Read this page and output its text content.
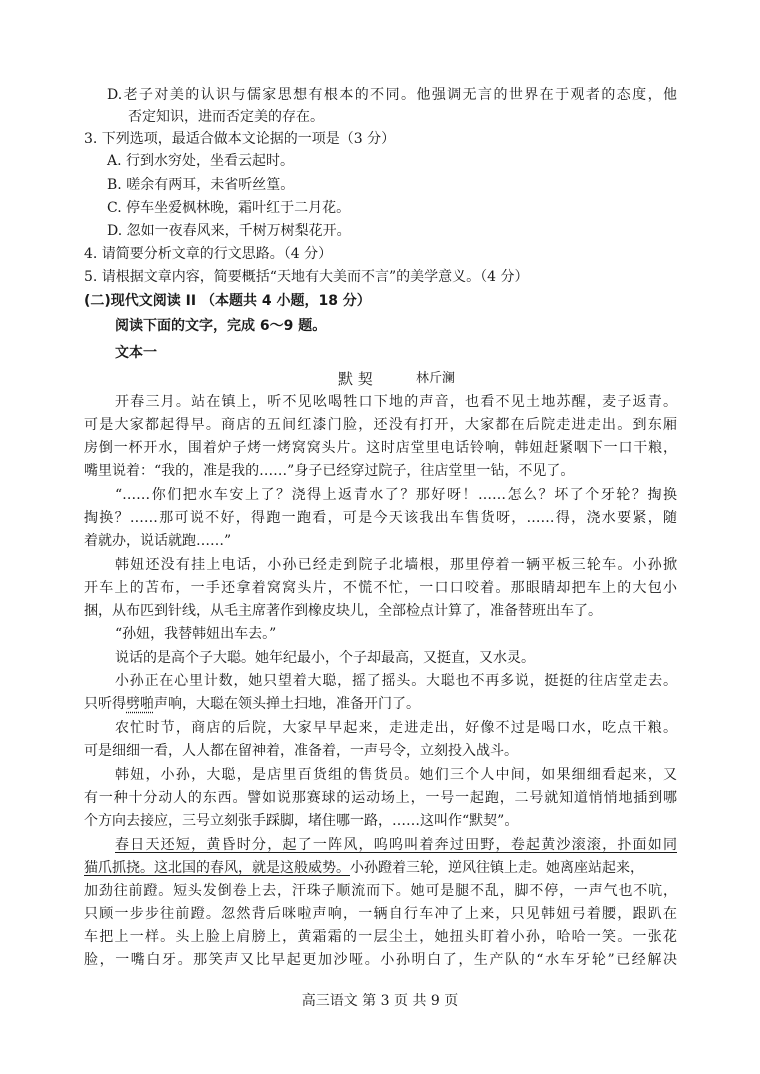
D.老子对美的认识与儒家思想有根本的不同。他强调无言的世界在于观者的态度，他
否定知识，进而否定美的存在。
3. 下列选项，最适合做本文论据的一项是（3 分）
A. 行到水穷处，坐看云起时。
B. 嗟余有两耳，未省听丝篁。
C. 停车坐爱枫林晚，霜叶红于二月花。
D. 忽如一夜春风来，千树万树梨花开。
4. 请简要分析文章的行文思路。（4 分）
5. 请根据文章内容，简要概括“天地有大美而不言”的美学意义。（4 分）
(二)现代文阅读 II （本题共 4 小题，18 分）
阅读下面的文字，完成 6～9 题。
文本一
默 契	林斤澜
开春三月。站在镇上，听不见吆喝牲口下地的声音，也看不见土地苏醒，麦子返青。
可是大家都起得早。商店的五间红漆门脸，还没有打开，大家都在后院走进走出。到东厢
房倒一杯开水，围着炉子烤一烤窝窝头片。这时店堂里电话铃响，韩妞赶紧咽下一口干粮，
嘴里说着：“我的，准是我的……”身子已经穿过院子，往店堂里一钻，不见了。
“……你们把水车安上了？浇得上返青水了？那好呀！……怎么？坏了个牙轮？掏换
掏换？……那可说不好，得跑一跑看，可是今天该我出车售货呀，……得，浇水要紧，随
着就办，说话就跑……”
韩妞还没有挂上电话，小孙已经走到院子北墙根，那里停着一辆平板三轮车。小孙掀
开车上的苫布，一手还拿着窝窝头片，不慌不忙，一口口咬着。那眼睛却把车上的大包小
捆，从布匹到针线，从毛主席著作到橡皮块儿，全部检点计算了，准备替班出车了。
“孙妞，我替韩妞出车去。”
说话的是高个子大聪。她年纪最小，个子却最高，又挺直，又水灵。
小孙正在心里计数，她只望着大聪，摇了摇头。大聪也不再多说，挺挺的往店堂走去。
只听得劈啪声响，大聪在领头掸土扫地，准备开门了。
农忙时节，商店的后院，大家早早起来，走进走出，好像不过是喝口水，吃点干粮。
可是细细一看，人人都在留神着，准备着，一声号令，立刻投入战斗。
韩妞，小孙，大聪，是店里百货组的售货员。她们三个人中间，如果细细看起来，又
有一种十分动人的东西。譬如说那赛球的运动场上，一号一起跑，二号就知道悄悄地插到哪
个方向去接应，三号立刻张手踩脚，堵住哪一路，……这叫作“默契”。
春日天还短，黄昏时分，起了一阵风，呜呜叫着奔过田野，卷起黄沙滚滚，扑面如同
猫爪抓挠。这北国的春风，就是这般威势。小孙蹬着三轮，逆风往镇上走。她离座站起来，
加劲往前蹬。短头发倒卷上去，汗珠子顺流而下。她可是腿不乱，脚不停，一声气也不吭，
只顾一步步往前蹬。忽然背后咪啦声响，一辆自行车冲了上来，只见韩妞弓着腰，跟趴在
车把上一样。头上脸上肩膀上，黄霜霜的一层尘土，她扭头盯着小孙，哈哈一笑。一张花
脸，一嘴白牙。那笑声又比早起更加沙哑。小孙明白了，生产队的“水车牙轮”已经解决
高三语文 第 3 页 共 9 页
